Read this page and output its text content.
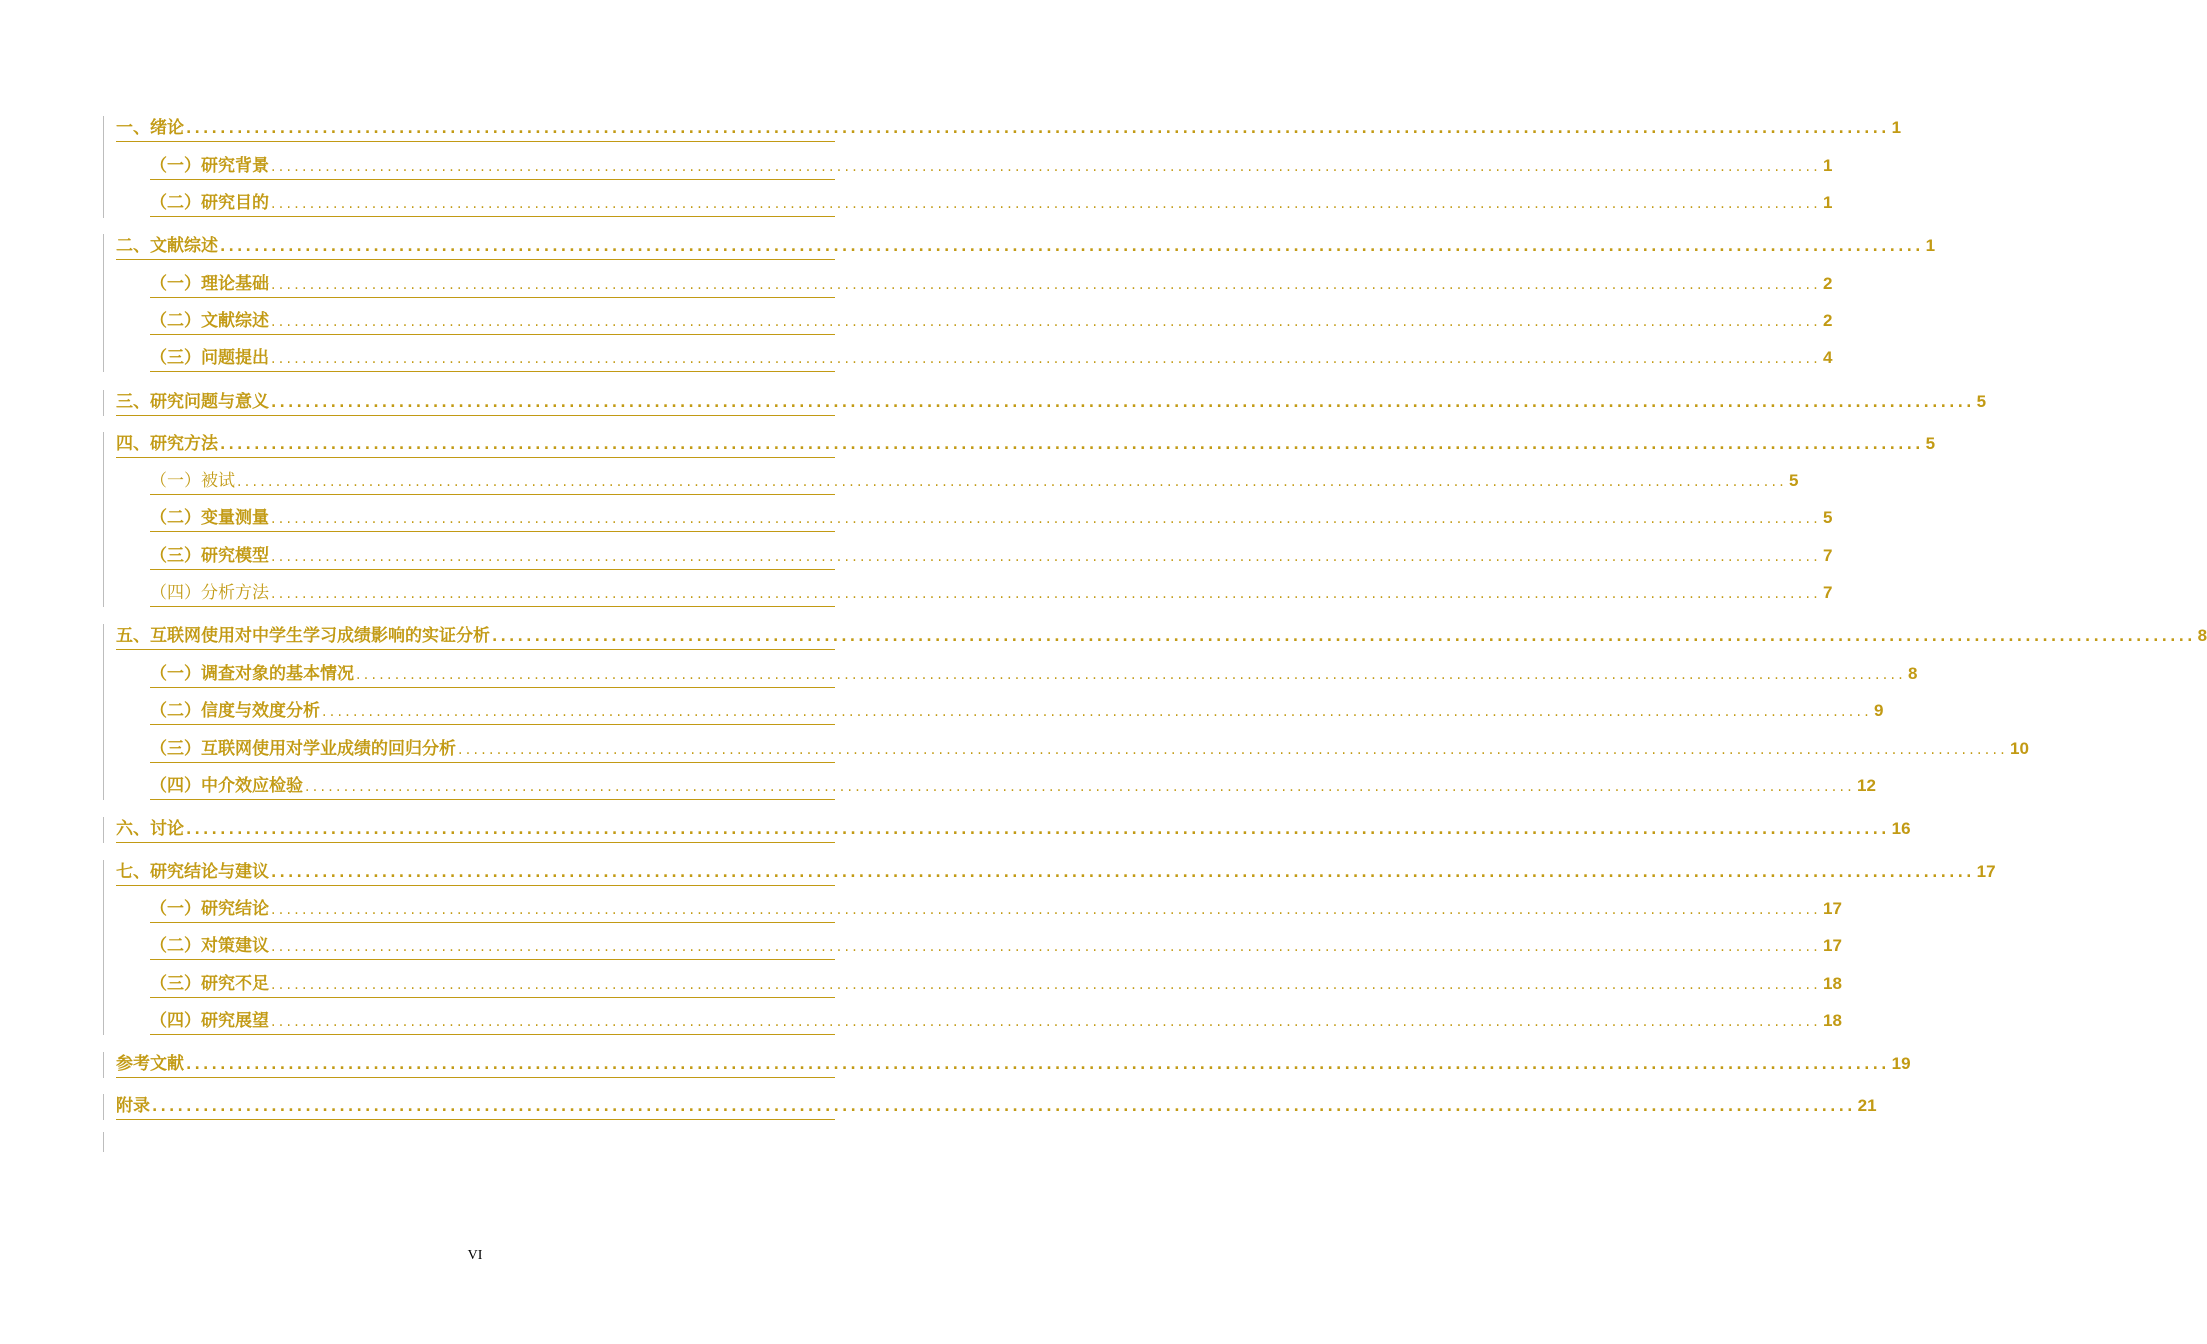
一、绪论 ........................................................................................................................................................................................................ 1
（一）研究背景 ........................................................................................................................................................................................................ 1
（二）研究目的 ........................................................................................................................................................................................................ 1
二、文献综述 ........................................................................................................................................................................................................ 1
（一）理论基础 ........................................................................................................................................................................................................ 2
（二）文献综述 ........................................................................................................................................................................................................ 2
（三）问题提出 ........................................................................................................................................................................................................ 4
三、研究问题与意义 ........................................................................................................................................................................................................ 5
四、研究方法 ........................................................................................................................................................................................................ 5
（一）被试 ........................................................................................................................................................................................................ 5
（二）变量测量 ........................................................................................................................................................................................................ 5
（三）研究模型 ........................................................................................................................................................................................................ 7
（四）分析方法 ........................................................................................................................................................................................................ 7
五、互联网使用对中学生学习成绩影响的实证分析 ........................................................................................................................................................................................................ 8
（一）调查对象的基本情况 ........................................................................................................................................................................................................ 8
（二）信度与效度分析 ........................................................................................................................................................................................................ 9
（三）互联网使用对学业成绩的回归分析 ........................................................................................................................................................................................................ 10
（四）中介效应检验 ........................................................................................................................................................................................................ 12
六、讨论 ........................................................................................................................................................................................................ 16
七、研究结论与建议 ........................................................................................................................................................................................................ 17
（一）研究结论 ........................................................................................................................................................................................................ 17
（二）对策建议 ........................................................................................................................................................................................................ 17
（三）研究不足 ........................................................................................................................................................................................................ 18
（四）研究展望 ........................................................................................................................................................................................................ 18
参考文献 ........................................................................................................................................................................................................ 19
附录 ........................................................................................................................................................................................................ 21
VI
